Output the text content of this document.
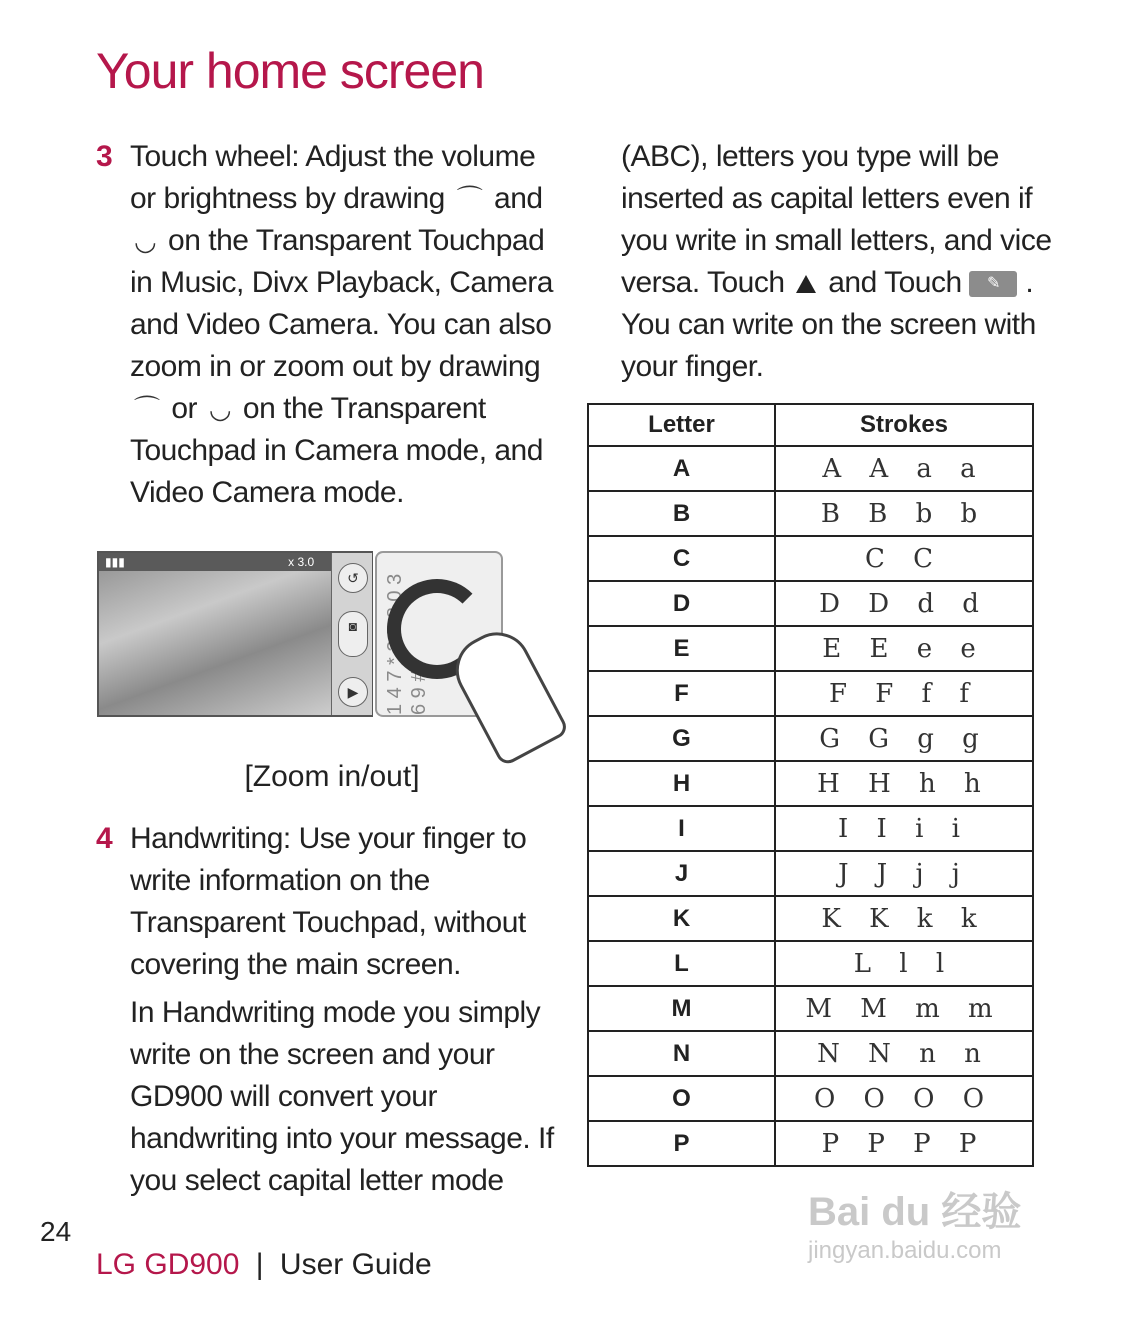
Your home screen
3 Touch wheel: Adjust the volume or brightness by drawing ⌒ and ◡ on the Transparent Touchpad in Music, Divx Playback, Camera and Video Camera. You can also zoom in or zoom out by drawing ⌒ or ◡ on the Transparent Touchpad in Camera mode, and Video Camera mode.
▮▮▮	x 3.0
↺
◙
▶	1 4 7 * 2 5 8 0 3 6 9 #
[Zoom in/out]
4 Handwriting: Use your finger to write information on the Transparent Touchpad, without covering the main screen.

In Handwriting mode you simply write on the screen and your GD900 will convert your handwriting into your message. If you select capital letter mode

(ABC), letters you type will be inserted as capital letters even if you write in small letters, and vice versa. Touch and Touch ✎ . You can write on the screen with your finger.
Letter	Strokes
A	A A a a
B	B B b b
C	C C
D	D D d d
E	E E e e
F	F F f f
G	G G g g
H	H H h h
I	I I i i
J	J J j j
K	K K k k
L	L l l
M	M M m m
N	N N n n
O	O O O O
P	P P P P
24
LG GD900 | User Guide
Bai du 经验
jingyan.baidu.com
